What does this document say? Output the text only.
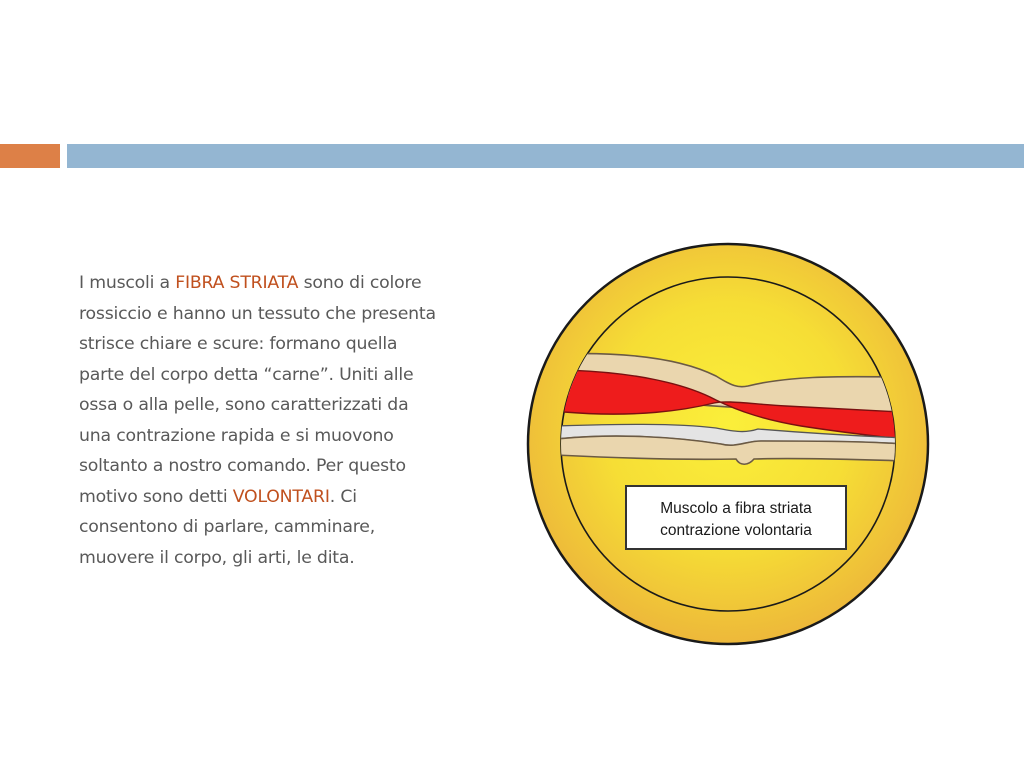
I muscoli a FIBRA STRIATA sono di colore rossiccio e hanno un tessuto che presenta strisce chiare e scure: formano quella parte del corpo detta “carne”. Uniti alle ossa o alla pelle, sono caratterizzati da una contrazione rapida e si muovono soltanto a nostro comando. Per questo motivo sono detti VOLONTARI. Ci consentono di parlare, camminare, muovere il corpo, gli arti, le dita.
Muscolo a fibra striata
contrazione volontaria
